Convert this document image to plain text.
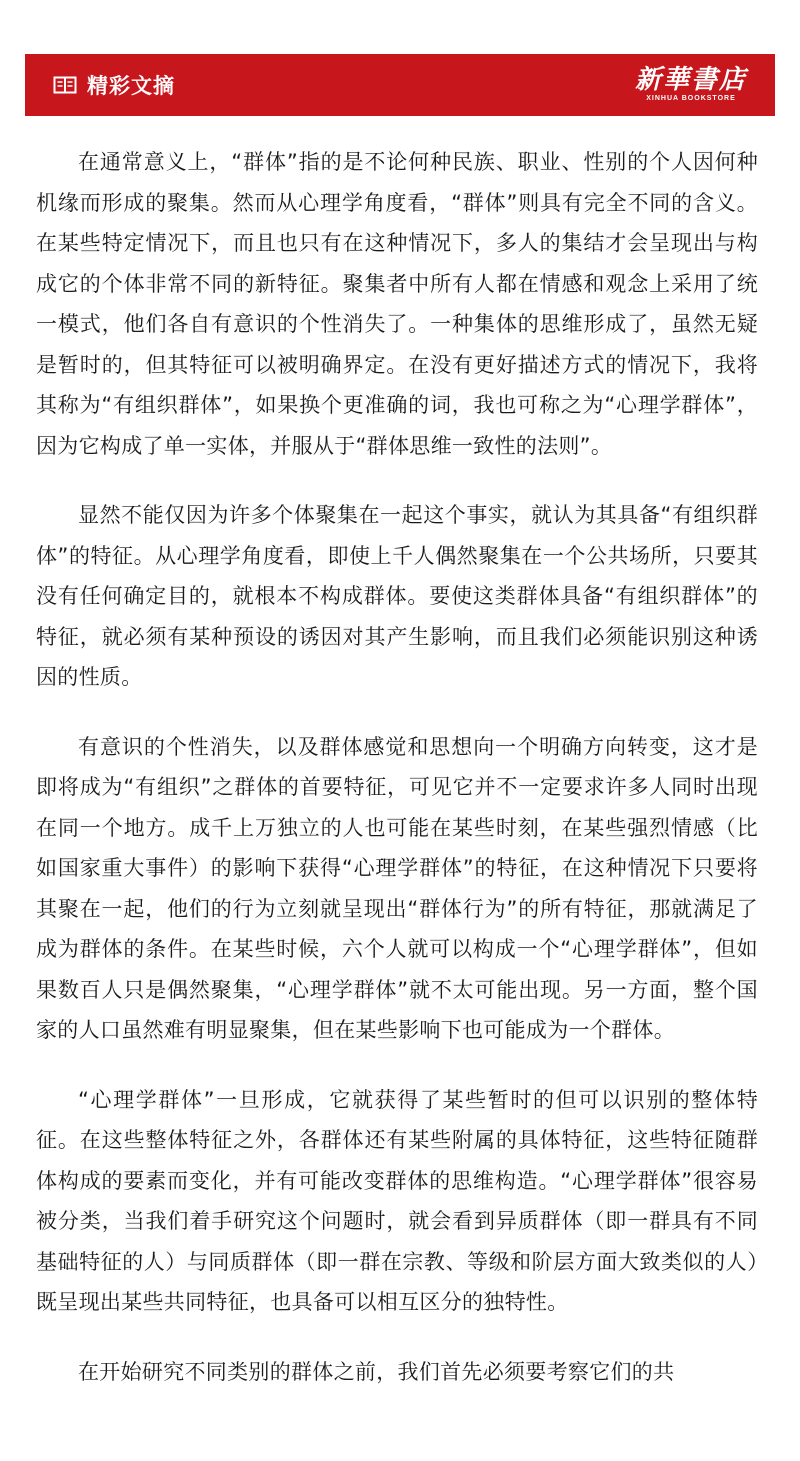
精彩文摘	新華書店
XINHUA BOOKSTORE

在通常意义上，“群体”指的是不论何种民族、职业、性别的个人因何种机缘而形成的聚集。然而从心理学角度看，“群体”则具有完全不同的含义。在某些特定情况下，而且也只有在这种情况下，多人的集结才会呈现出与构成它的个体非常不同的新特征。聚集者中所有人都在情感和观念上采用了统一模式，他们各自有意识的个性消失了。一种集体的思维形成了，虽然无疑是暂时的，但其特征可以被明确界定。在没有更好描述方式的情况下，我将其称为“有组织群体”，如果换个更准确的词，我也可称之为“心理学群体”，因为它构成了单一实体，并服从于“群体思维一致性的法则”。

显然不能仅因为许多个体聚集在一起这个事实，就认为其具备“有组织群体”的特征。从心理学角度看，即使上千人偶然聚集在一个公共场所，只要其没有任何确定目的，就根本不构成群体。要使这类群体具备“有组织群体”的特征，就必须有某种预设的诱因对其产生影响，而且我们必须能识别这种诱因的性质。

有意识的个性消失，以及群体感觉和思想向一个明确方向转变，这才是即将成为“有组织”之群体的首要特征，可见它并不一定要求许多人同时出现在同一个地方。成千上万独立的人也可能在某些时刻，在某些强烈情感（比如国家重大事件）的影响下获得“心理学群体”的特征，在这种情况下只要将其聚在一起，他们的行为立刻就呈现出“群体行为”的所有特征，那就满足了成为群体的条件。在某些时候，六个人就可以构成一个“心理学群体”，但如果数百人只是偶然聚集，“心理学群体”就不太可能出现。另一方面，整个国家的人口虽然难有明显聚集，但在某些影响下也可能成为一个群体。

“心理学群体”一旦形成，它就获得了某些暂时的但可以识别的整体特征。在这些整体特征之外，各群体还有某些附属的具体特征，这些特征随群体构成的要素而变化，并有可能改变群体的思维构造。“心理学群体”很容易被分类，当我们着手研究这个问题时，就会看到异质群体（即一群具有不同基础特征的人）与同质群体（即一群在宗教、等级和阶层方面大致类似的人）既呈现出某些共同特征，也具备可以相互区分的独特性。

在开始研究不同类别的群体之前，我们首先必须要考察它们的共
